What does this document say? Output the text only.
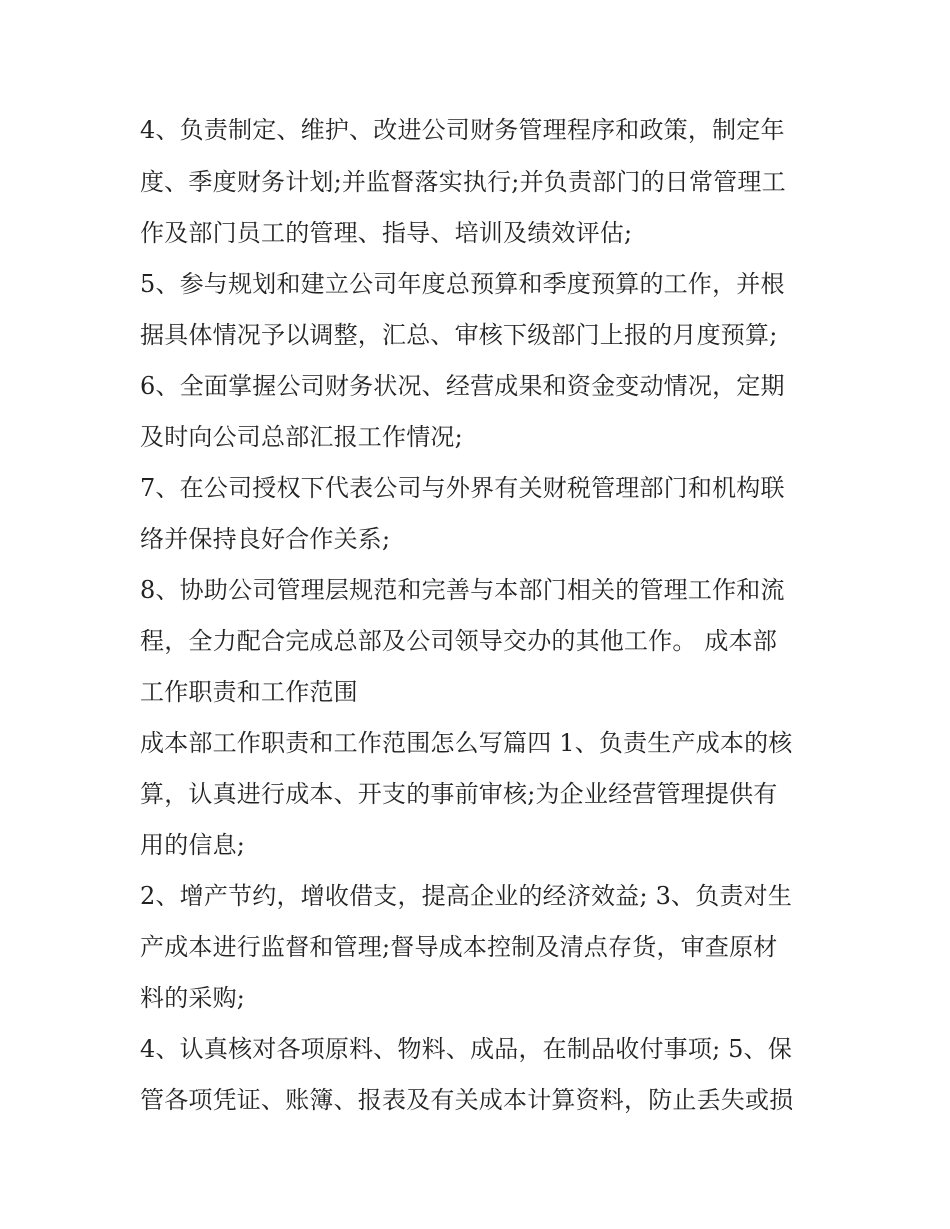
4、负责制定、维护、改进公司财务管理程序和政策，制定年

度、季度财务计划;并监督落实执行;并负责部门的日常管理工

作及部门员工的管理、指导、培训及绩效评估;

5、参与规划和建立公司年度总预算和季度预算的工作，并根

据具体情况予以调整，汇总、审核下级部门上报的月度预算;

6、全面掌握公司财务状况、经营成果和资金变动情况，定期

及时向公司总部汇报工作情况;

7、在公司授权下代表公司与外界有关财税管理部门和机构联

络并保持良好合作关系;

8、协助公司管理层规范和完善与本部门相关的管理工作和流

程，全力配合完成总部及公司领导交办的其他工作。 成本部

工作职责和工作范围

成本部工作职责和工作范围怎么写篇四 1、负责生产成本的核

算，认真进行成本、开支的事前审核;为企业经营管理提供有

用的信息;

2、增产节约，增收借支，提高企业的经济效益; 3、负责对生

产成本进行监督和管理;督导成本控制及清点存货，审查原材

料的采购;

4、认真核对各项原料、物料、成品，在制品收付事项; 5、保

管各项凭证、账簿、报表及有关成本计算资料，防止丢失或损
